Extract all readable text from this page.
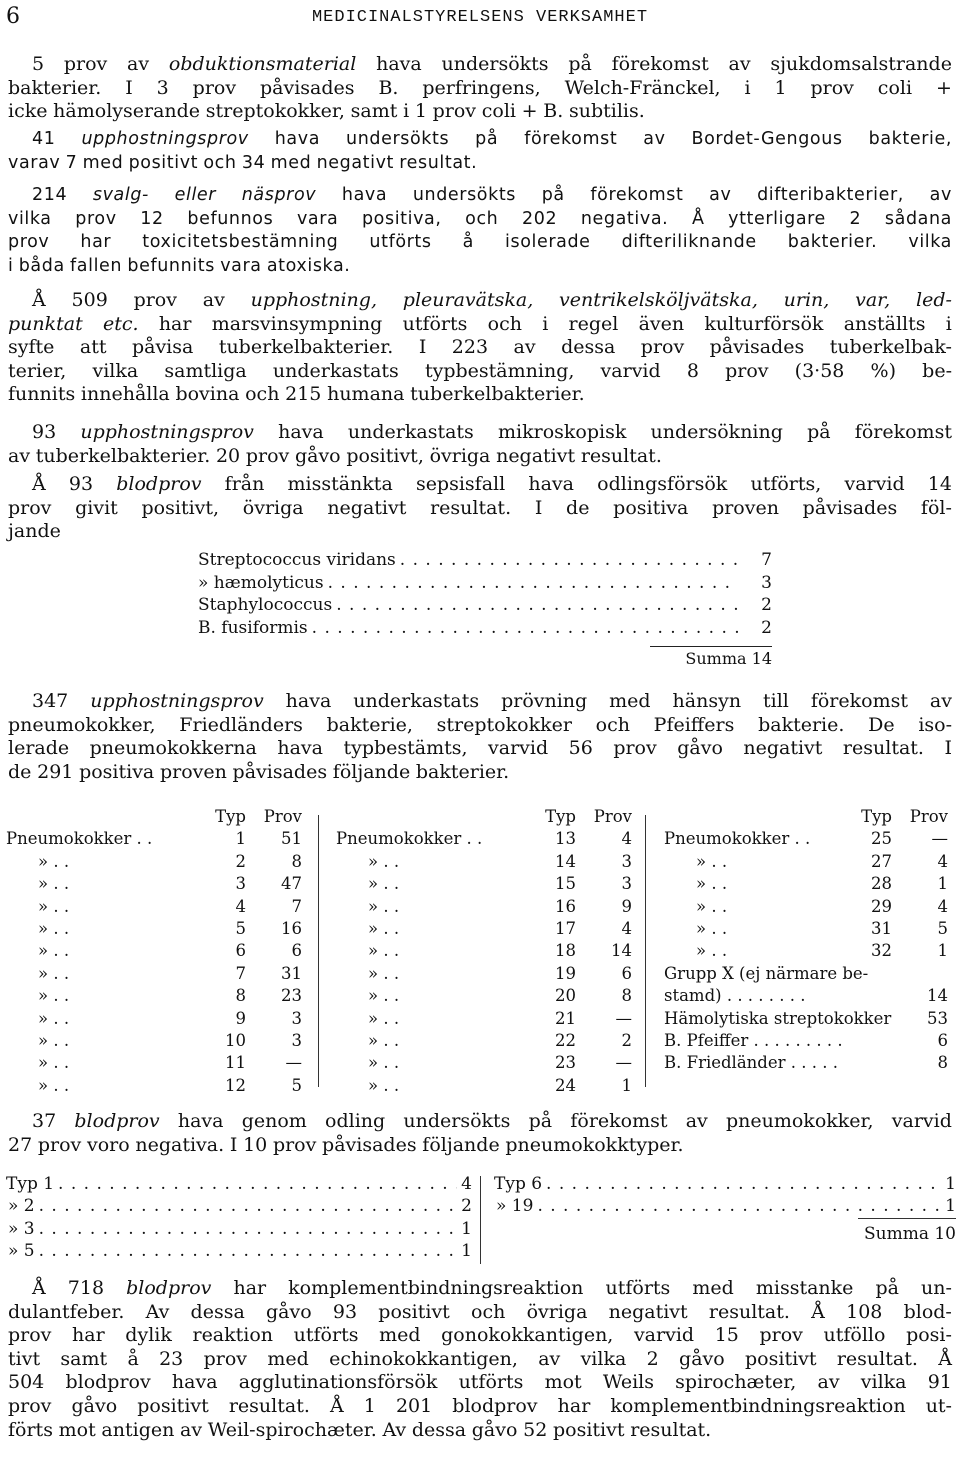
6	MEDICINALSTYRELSENS VERKSAMHET
5 prov av obduktionsmaterial hava undersökts på förekomst av sjukdomsalstrande
bakterier. I 3 prov påvisades B. perfringens, Welch-Fränckel, i 1 prov coli +
icke hämolyserande streptokokker, samt i 1 prov coli + B. subtilis.
41 upphostningsprov hava undersökts på förekomst av Bordet-Gengous bakterie,
varav 7 med positivt och 34 med negativt resultat.
214 svalg- eller näsprov hava undersökts på förekomst av difteribakterier, av
vilka prov 12 befunnos vara positiva, och 202 negativa. Å ytterligare 2 sådana
prov har toxicitetsbestämning utförts å isolerade difteriliknande bakterier. vilka
i båda fallen befunnits vara atoxiska.
Å 509 prov av upphostning, pleuravätska, ventrikelsköljvätska, urin, var, led-
punktat etc. har marsvinsympning utförts och i regel även kulturförsök anställts i
syfte att påvisa tuberkelbakterier. I 223 av dessa prov påvisades tuberkelbak-
terier, vilka samtliga underkastats typbestämning, varvid 8 prov (3·58 %) be-
funnits innehålla bovina och 215 humana tuberkelbakterier.
93 upphostningsprov hava underkastats mikroskopisk undersökning på förekomst
av tuberkelbakterier. 20 prov gåvo positivt, övriga negativt resultat.
Å 93 blodprov från misstänkta sepsisfall hava odlingsförsök utförts, varvid 14
prov givit positivt, övriga negativt resultat. I de positiva proven påvisades föl-
jande
Streptococcus viridans . . .	7
» hæmolyticus . . .	3
Staphylococcus . . .	2
B. fusiformis . . .	2
Summa 14
347 upphostningsprov hava underkastats prövning med hänsyn till förekomst av
pneumokokker, Friedländers bakterie, streptokokker och Pfeiffers bakterie. De iso-
lerade pneumokokkerna hava typbestämts, varvid 56 prov gåvo negativt resultat. I
de 291 positiva proven påvisades följande bakterier.
Typ	Prov
Pneumokokker . .	1	51
» . .	2	8
» . .	3	47
» . .	4	7
» . .	5	16
» . .	6	6
» . .	7	31
» . .	8	23
» . .	9	3
» . .	10	3
» . .	11	—
» . .	12	5
Typ	Prov
Pneumokokker . .	13	4
» . .	14	3
» . .	15	3
» . .	16	9
» . .	17	4
» . .	18	14
» . .	19	6
» . .	20	8
» . .	21	—
» . .	22	2
» . .	23	—
» . .	24	1
Typ	Prov
Pneumokokker . .	25	—
» . .	27	4
» . .	28	1
» . .	29	4
» . .	31	5
» . .	32	1
Grupp X (ej närmare be-
stamd) . . . . . . . .	14
Hämolytiska streptokokker	53
B. Pfeiffer . . . . . . . . .	6
B. Friedländer . . . . .	8
37 blodprov hava genom odling undersökts på förekomst av pneumokokker, varvid
27 prov voro negativa. I 10 prov påvisades följande pneumokokktyper.
Typ 1 . . .	4
» 2 . . .	2
» 3 . . .	1
» 5 . . .	1
Typ 6 . . .	1
» 19 . . .	1
Summa 10
Å 718 blodprov har komplementbindningsreaktion utförts med misstanke på un-
dulantfeber. Av dessa gåvo 93 positivt och övriga negativt resultat. Å 108 blod-
prov har dylik reaktion utförts med gonokokkantigen, varvid 15 prov utföllo posi-
tivt samt å 23 prov med echinokokkantigen, av vilka 2 gåvo positivt resultat. Å
504 blodprov hava agglutinationsförsök utförts mot Weils spirochæter, av vilka 91
prov gåvo positivt resultat. Å 1 201 blodprov har komplementbindningsreaktion ut-
förts mot antigen av Weil-spirochæter. Av dessa gåvo 52 positivt resultat.
